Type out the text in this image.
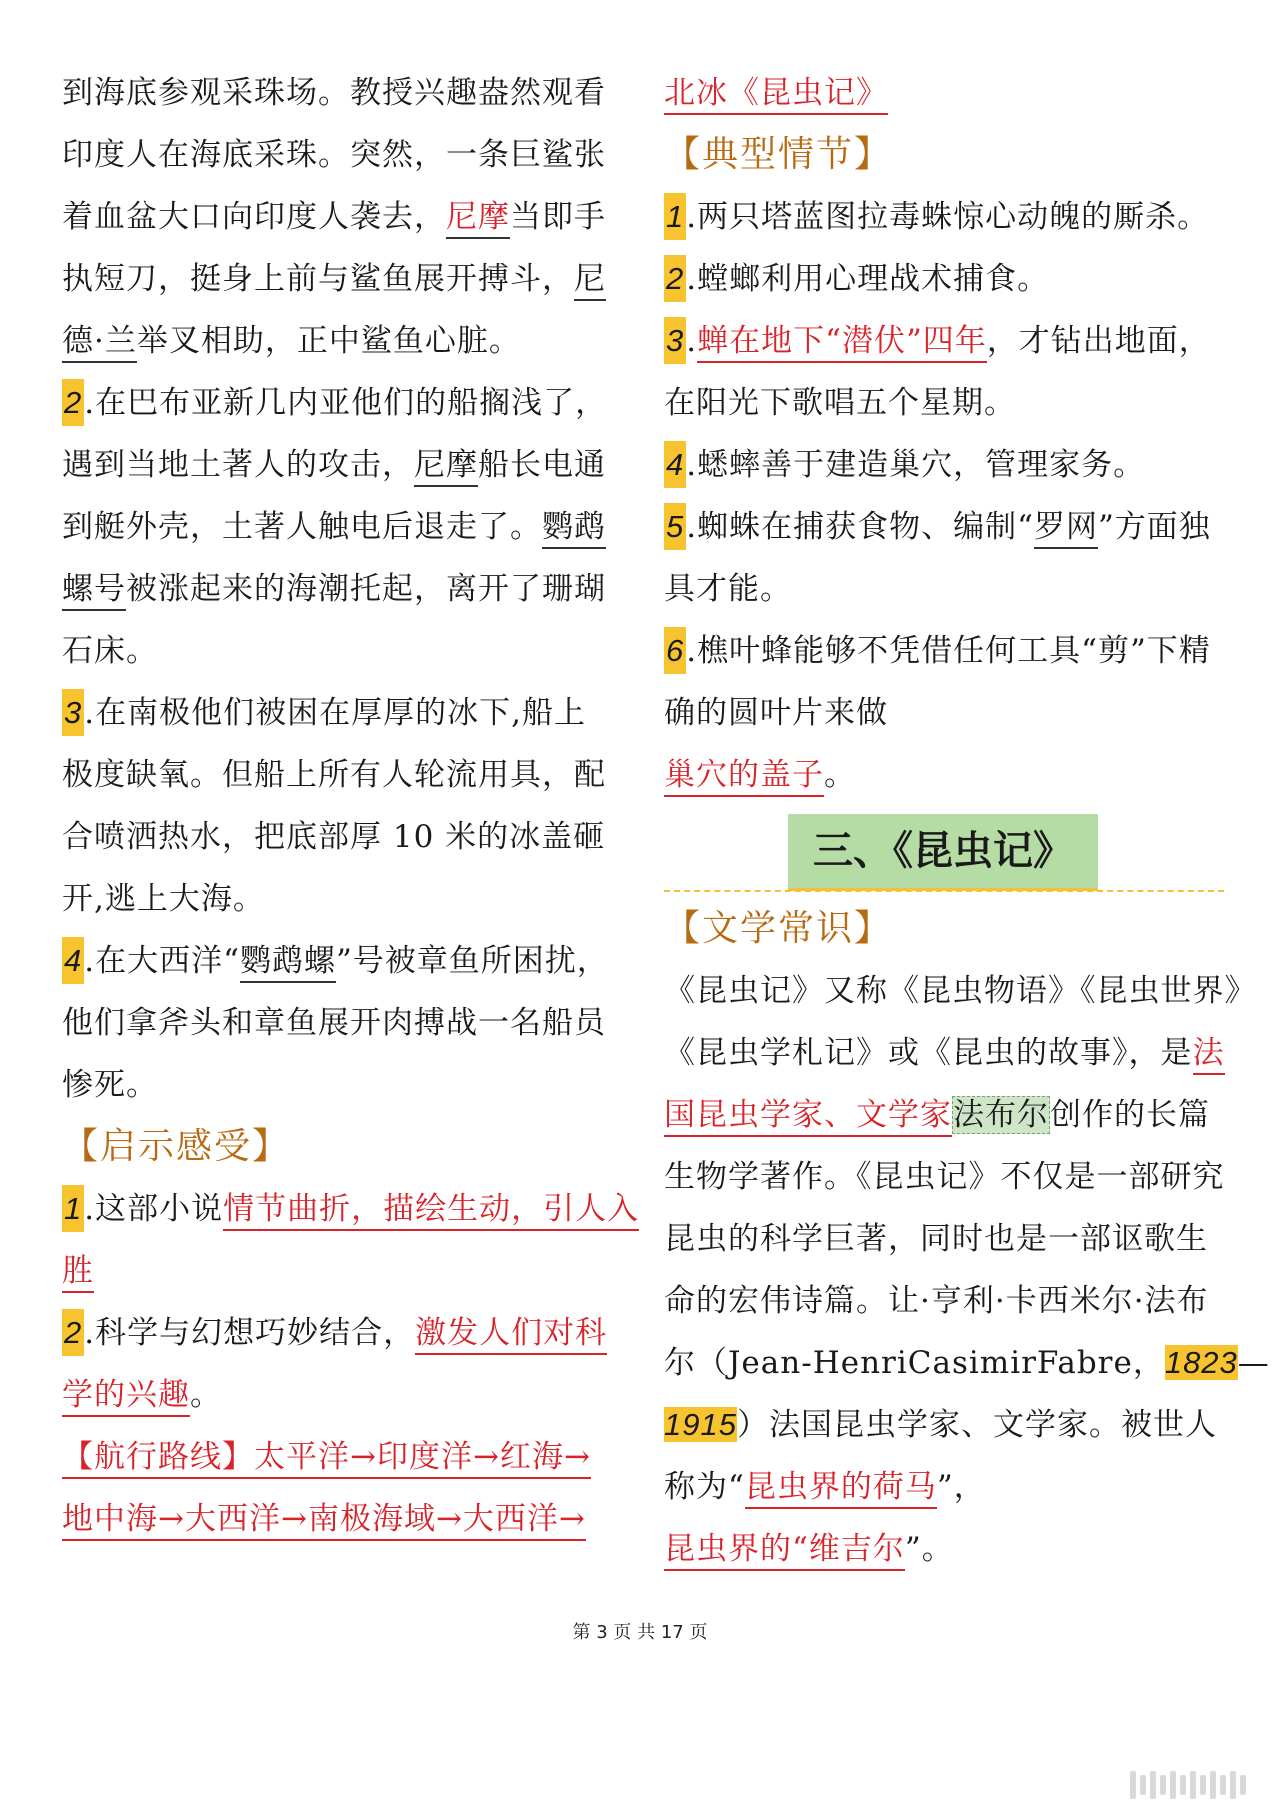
到海底参观采珠场。教授兴趣盎然观看
印度人在海底采珠。突然，一条巨鲨张
着血盆大口向印度人袭去，尼摩当即手
执短刀，挺身上前与鲨鱼展开搏斗，尼
德·兰举叉相助，正中鲨鱼心脏。
2.在巴布亚新几内亚他们的船搁浅了，
遇到当地土著人的攻击，尼摩船长电通
到艇外壳，土著人触电后退走了。鹦鹉
螺号被涨起来的海潮托起，离开了珊瑚
石床。
3.在南极他们被困在厚厚的冰下,船上
极度缺氧。但船上所有人轮流用具，配
合喷洒热水，把底部厚 10 米的冰盖砸
开,逃上大海。
4.在大西洋“鹦鹉螺”号被章鱼所困扰，
他们拿斧头和章鱼展开肉搏战一名船员
惨死。
【启示感受】
1.这部小说情节曲折，描绘生动，引人入
胜
2.科学与幻想巧妙结合，激发人们对科
学的兴趣。
【航行路线】太平洋→印度洋→红海→
地中海→大西洋→南极海域→大西洋→
北冰《昆虫记》
【典型情节】
1.两只塔蓝图拉毒蛛惊心动魄的厮杀。
2.螳螂利用心理战术捕食。
3.蝉在地下“潜伏”四年，才钻出地面，
在阳光下歌唱五个星期。
4.蟋蟀善于建造巢穴，管理家务。
5.蜘蛛在捕获食物、编制“罗网”方面独
具才能。
6.樵叶蜂能够不凭借任何工具“剪”下精
确的圆叶片来做
巢穴的盖子。
三、《昆虫记》
【文学常识】
《昆虫记》又称《昆虫物语》《昆虫世界》
《昆虫学札记》或《昆虫的故事》，是法
国昆虫学家、文学家法布尔创作的长篇
生物学著作。《昆虫记》不仅是一部研究
昆虫的科学巨著，同时也是一部讴歌生
命的宏伟诗篇。让·亨利·卡西米尔·法布
尔（Jean-HenriCasimirFabre，1823—
1915）法国昆虫学家、文学家。被世人
称为“昆虫界的荷马”，
昆虫界的“维吉尔”。
第 3 页 共 17 页
